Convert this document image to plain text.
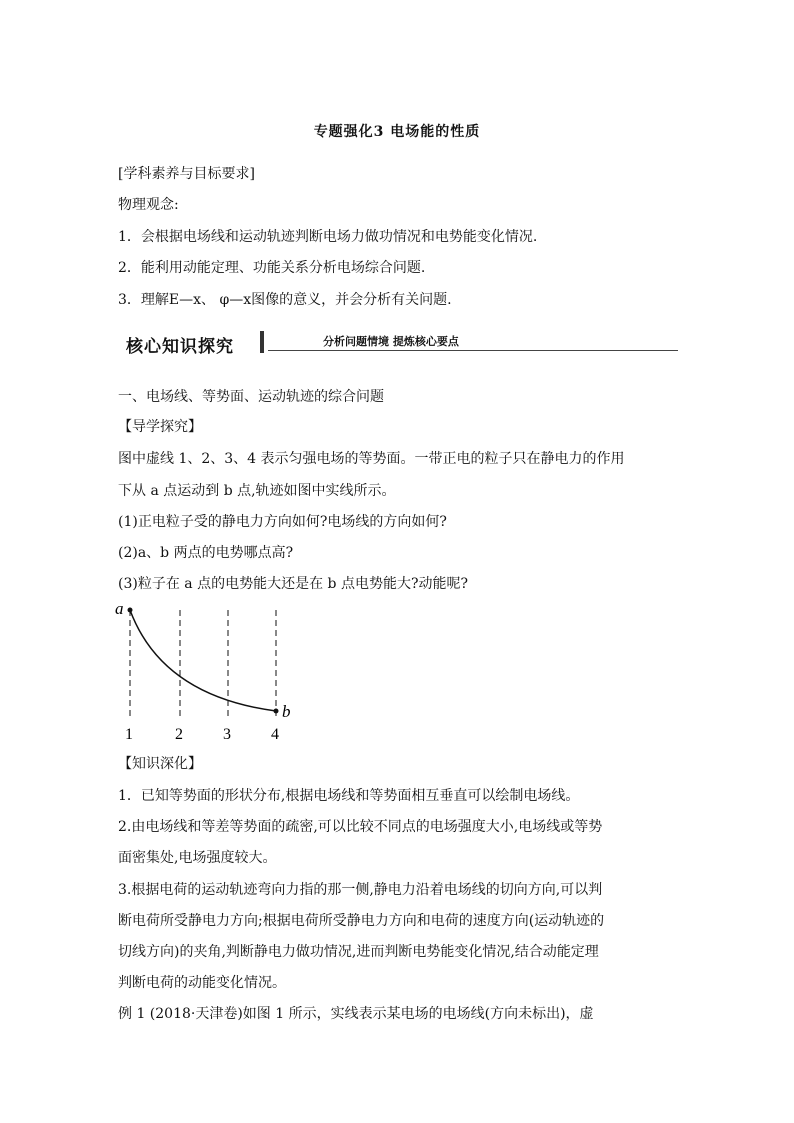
专题强化3 电场能的性质
[学科素养与目标要求]
物理观念:
1．会根据电场线和运动轨迹判断电场力做功情况和电势能变化情况.
2．能利用动能定理、功能关系分析电场综合问题.
3．理解E—x、 φ—x图像的意义，并会分析有关问题.
核心知识探究	分析问题情境 提炼核心要点
一、电场线、等势面、运动轨迹的综合问题
【导学探究】
图中虚线 1、2、3、4 表示匀强电场的等势面。一带正电的粒子只在静电力的作用
下从 a 点运动到 b 点,轨迹如图中实线所示。
(1)正电粒子受的静电力方向如何?电场线的方向如何?
(2)a、b 两点的电势哪点高?
(3)粒子在 a 点的电势能大还是在 b 点电势能大?动能呢?
a
b
1	2	3	4
【知识深化】
1．已知等势面的形状分布,根据电场线和等势面相互垂直可以绘制电场线。
2.由电场线和等差等势面的疏密,可以比较不同点的电场强度大小,电场线或等势
面密集处,电场强度较大。
3.根据电荷的运动轨迹弯向力指的那一侧,静电力沿着电场线的切向方向,可以判
断电荷所受静电力方向;根据电荷所受静电力方向和电荷的速度方向(运动轨迹的
切线方向)的夹角,判断静电力做功情况,进而判断电势能变化情况,结合动能定理
判断电荷的动能变化情况。
例 1 (2018·天津卷)如图 1 所示，实线表示某电场的电场线(方向未标出)，虚
